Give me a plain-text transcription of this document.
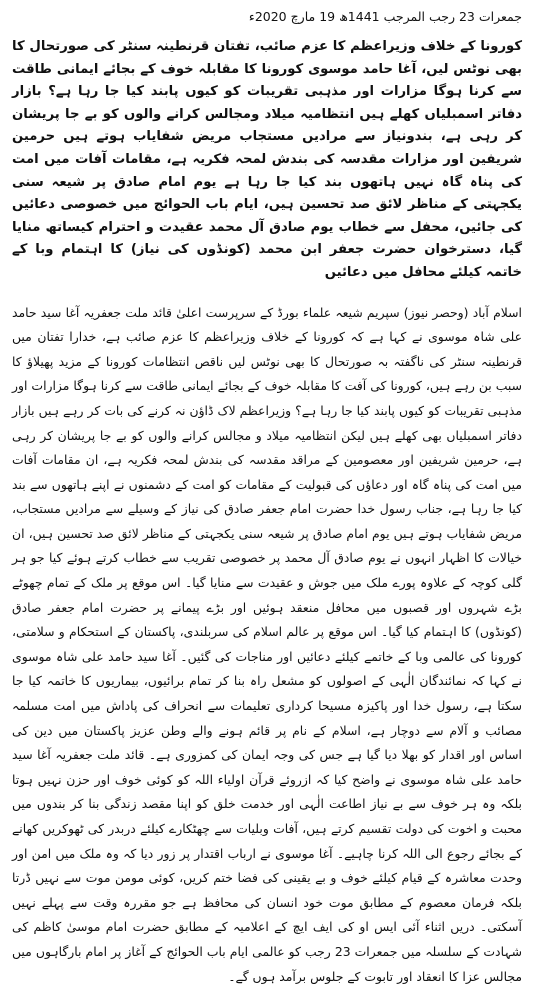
جمعرات 23 رجب المرجب 1441ھ 19 مارچ 2020ء

کورونا کے خلاف وزیراعظم کا عزم صائب، تفتان قرنطینہ سنٹر کی صورتحال کا بھی نوٹس لیں، آغا حامد موسوی کورونا کا مقابلہ خوف کے بجائے ایمانی طاقت سے کرنا ہوگا مزارات اور مذہبی تقریبات کو کیوں پابند کیا جا رہا ہے؟ بازار دفاتر اسمبلیاں کھلے ہیں انتظامیہ میلاد ومجالس کرانے والوں کو بے جا پریشان کر رہی ہے، بندونیاز سے مرادیں مستجاب مریض شفایاب ہوتے ہیں حرمین شریفین اور مزارات مقدسہ کی بندش لمحہ فکریہ ہے، مقامات آفات میں امت کی پناہ گاہ نہیں ہاتھوں بند کیا جا رہا ہے یوم امام صادق پر شیعہ سنی یکجہتی کے مناظر لائق صد تحسین ہیں، ایام باب الحوائج میں خصوصی دعائیں کی جائیں، محفل سے خطاب یوم صادق آل محمد عقیدت و احترام کیساتھ منایا گیا، دسترخوان حضرت جعفر ابن محمد (کونڈوں کی نیاز) کا اہتمام وبا کے خاتمہ کیلئے محافل میں دعائیں

اسلام آباد (وحصر نیوز) سپریم شیعہ علماء بورڈ کے سرپرست اعلیٰ قائد ملت جعفریہ آغا سید حامد علی شاہ موسوی نے کہا ہے کہ کورونا کے خلاف وزیراعظم کا عزم صائب ہے، خدارا تفتان میں قرنطینہ سنٹر کی ناگفتہ بہ صورتحال کا بھی نوٹس لیں ناقص انتظامات کورونا کے مزید پھیلاؤ کا سبب بن رہے ہیں، کورونا کی آفت کا مقابلہ خوف کے بجائے ایمانی طاقت سے کرنا ہوگا مزارات اور مذہبی تقریبات کو کیوں پابند کیا جا رہا ہے؟ وزیراعظم لاک ڈاؤن نہ کرنے کی بات کر رہے ہیں بازار دفاتر اسمبلیاں بھی کھلے ہیں لیکن انتظامیہ میلاد و مجالس کرانے والوں کو بے جا پریشان کر رہی ہے، حرمین شریفین اور معصومین کے مراقد مقدسہ کی بندش لمحہ فکریہ ہے، ان مقامات آفات میں امت کی پناہ گاہ اور دعاؤں کی قبولیت کے مقامات کو امت کے دشمنوں نے اپنے ہاتھوں سے بند کیا جا رہا ہے، جناب رسول خدا حضرت امام جعفر صادق کی نیاز کے وسیلے سے مرادیں مستجاب، مریض شفایاب ہوتے ہیں یوم امام صادق پر شیعہ سنی یکجہتی کے مناظر لائق صد تحسین ہیں، ان خیالات کا اظہار انہوں نے یوم صادق آل محمد پر خصوصی تقریب سے خطاب کرتے ہوئے کیا جو ہر گلی کوچہ کے علاوہ پورے ملک میں جوش و عقیدت سے منایا گیا۔ اس موقع پر ملک کے تمام چھوٹے بڑے شہروں اور قصبوں میں محافل منعقد ہوئیں اور بڑے پیمانے پر حضرت امام جعفر صادق (کونڈوں) کا اہتمام کیا گیا۔ اس موقع پر عالم اسلام کی سربلندی، پاکستان کے استحکام و سلامتی، کورونا کی عالمی وبا کے خاتمے کیلئے دعائیں اور مناجات کی گئیں۔ آغا سید حامد علی شاہ موسوی نے کہا کہ نمائندگان الٰہی کے اصولوں کو مشعل راہ بنا کر تمام برائیوں، بیماریوں کا خاتمہ کیا جا سکتا ہے، رسول خدا اور پاکیزہ مسیحا کرداری تعلیمات سے انحراف کی پاداش میں امت مسلمہ مصائب و آلام سے دوچار ہے، اسلام کے نام پر قائم ہونے والے وطن عزیز پاکستان میں دین کی اساس اور اقدار کو بھلا دیا گیا ہے جس کی وجہ ایمان کی کمزوری ہے۔ قائد ملت جعفریہ آغا سید حامد علی شاہ موسوی نے واضح کیا کہ ازروئے قرآن اولیاء اللہ کو کوئی خوف اور حزن نہیں ہوتا بلکہ وہ ہر خوف سے بے نیاز اطاعت الٰہی اور خدمت خلق کو اپنا مقصد زندگی بنا کر بندوں میں محبت و اخوت کی دولت تقسیم کرتے ہیں، آفات وبلیات سے چھٹکارے کیلئے دربدر کی ٹھوکریں کھانے کے بجائے رجوع الی اللہ کرنا چاہیے۔ آغا موسوی نے ارباب اقتدار پر زور دیا کہ وہ ملک میں امن اور وحدت معاشرہ کے قیام کیلئے خوف و بے یقینی کی فضا ختم کریں، کوئی مومن موت سے نہیں ڈرتا بلکہ فرمان معصوم کے مطابق موت خود انسان کی محافظ ہے جو مقررہ وقت سے پہلے نہیں آسکتی۔ دریں اثناء آئی ایس او کی ایف ایچ کے اعلامیہ کے مطابق حضرت امام موسیٰ کاظم کی شہادت کے سلسلہ میں جمعرات 23 رجب کو عالمی ایام باب الحوائج کے آغاز پر امام بارگاہوں میں مجالس عزا کا انعقاد اور تابوت کے جلوس برآمد ہوں گے۔
